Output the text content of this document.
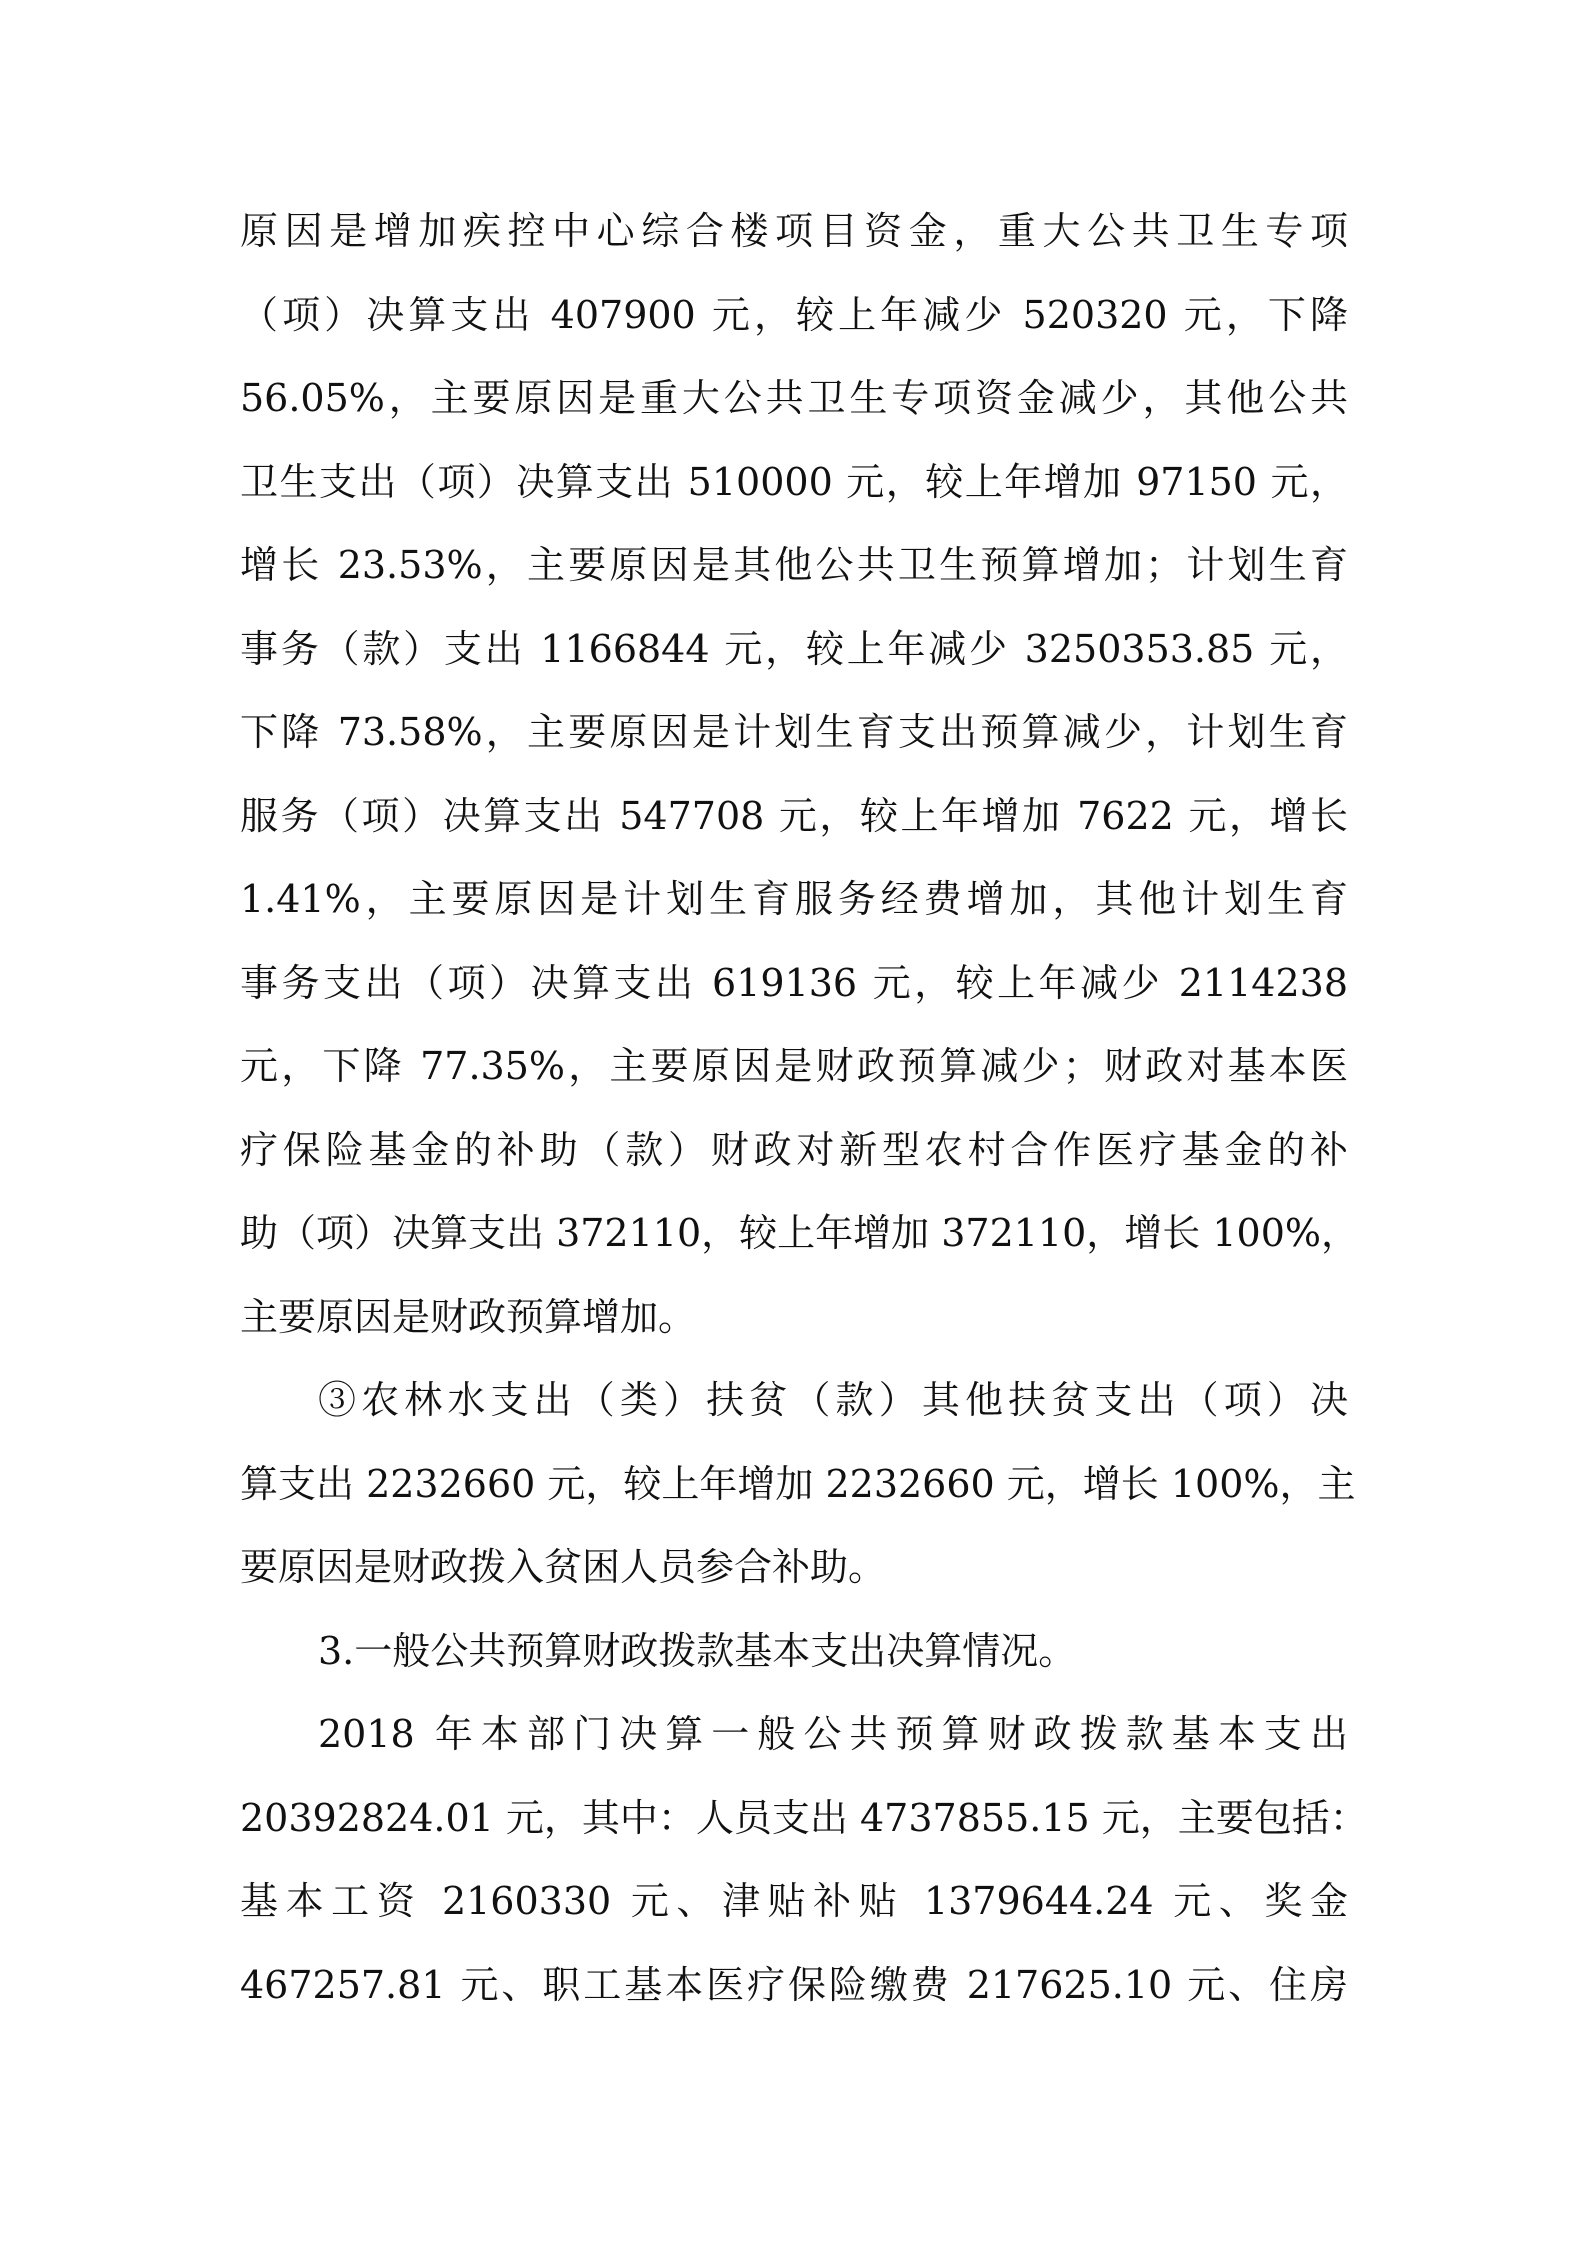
原因是增加疾控中心综合楼项目资金，重大公共卫生专项
（项）决算支出 407900 元，较上年减少 520320 元，下降
56.05%，主要原因是重大公共卫生专项资金减少，其他公共
卫生支出（项）决算支出 510000 元，较上年增加 97150 元，
增长 23.53%，主要原因是其他公共卫生预算增加；计划生育
事务（款）支出 1166844 元，较上年减少 3250353.85 元，
下降 73.58%，主要原因是计划生育支出预算减少，计划生育
服务（项）决算支出 547708 元，较上年增加 7622 元，增长
1.41%，主要原因是计划生育服务经费增加，其他计划生育
事务支出（项）决算支出 619136 元，较上年减少 2114238
元，下降 77.35%，主要原因是财政预算减少；财政对基本医
疗保险基金的补助（款）财政对新型农村合作医疗基金的补
助（项）决算支出 372110，较上年增加 372110，增长 100%，
主要原因是财政预算增加。
③农林水支出（类）扶贫（款）其他扶贫支出（项）决
算支出 2232660 元，较上年增加 2232660 元，增长 100%，主
要原因是财政拨入贫困人员参合补助。
3.一般公共预算财政拨款基本支出决算情况。
2018 年本部门决算一般公共预算财政拨款基本支出
20392824.01 元，其中：人员支出 4737855.15 元，主要包括：
基本工资 2160330 元、津贴补贴 1379644.24 元、奖金
467257.81 元、职工基本医疗保险缴费 217625.10 元、住房
